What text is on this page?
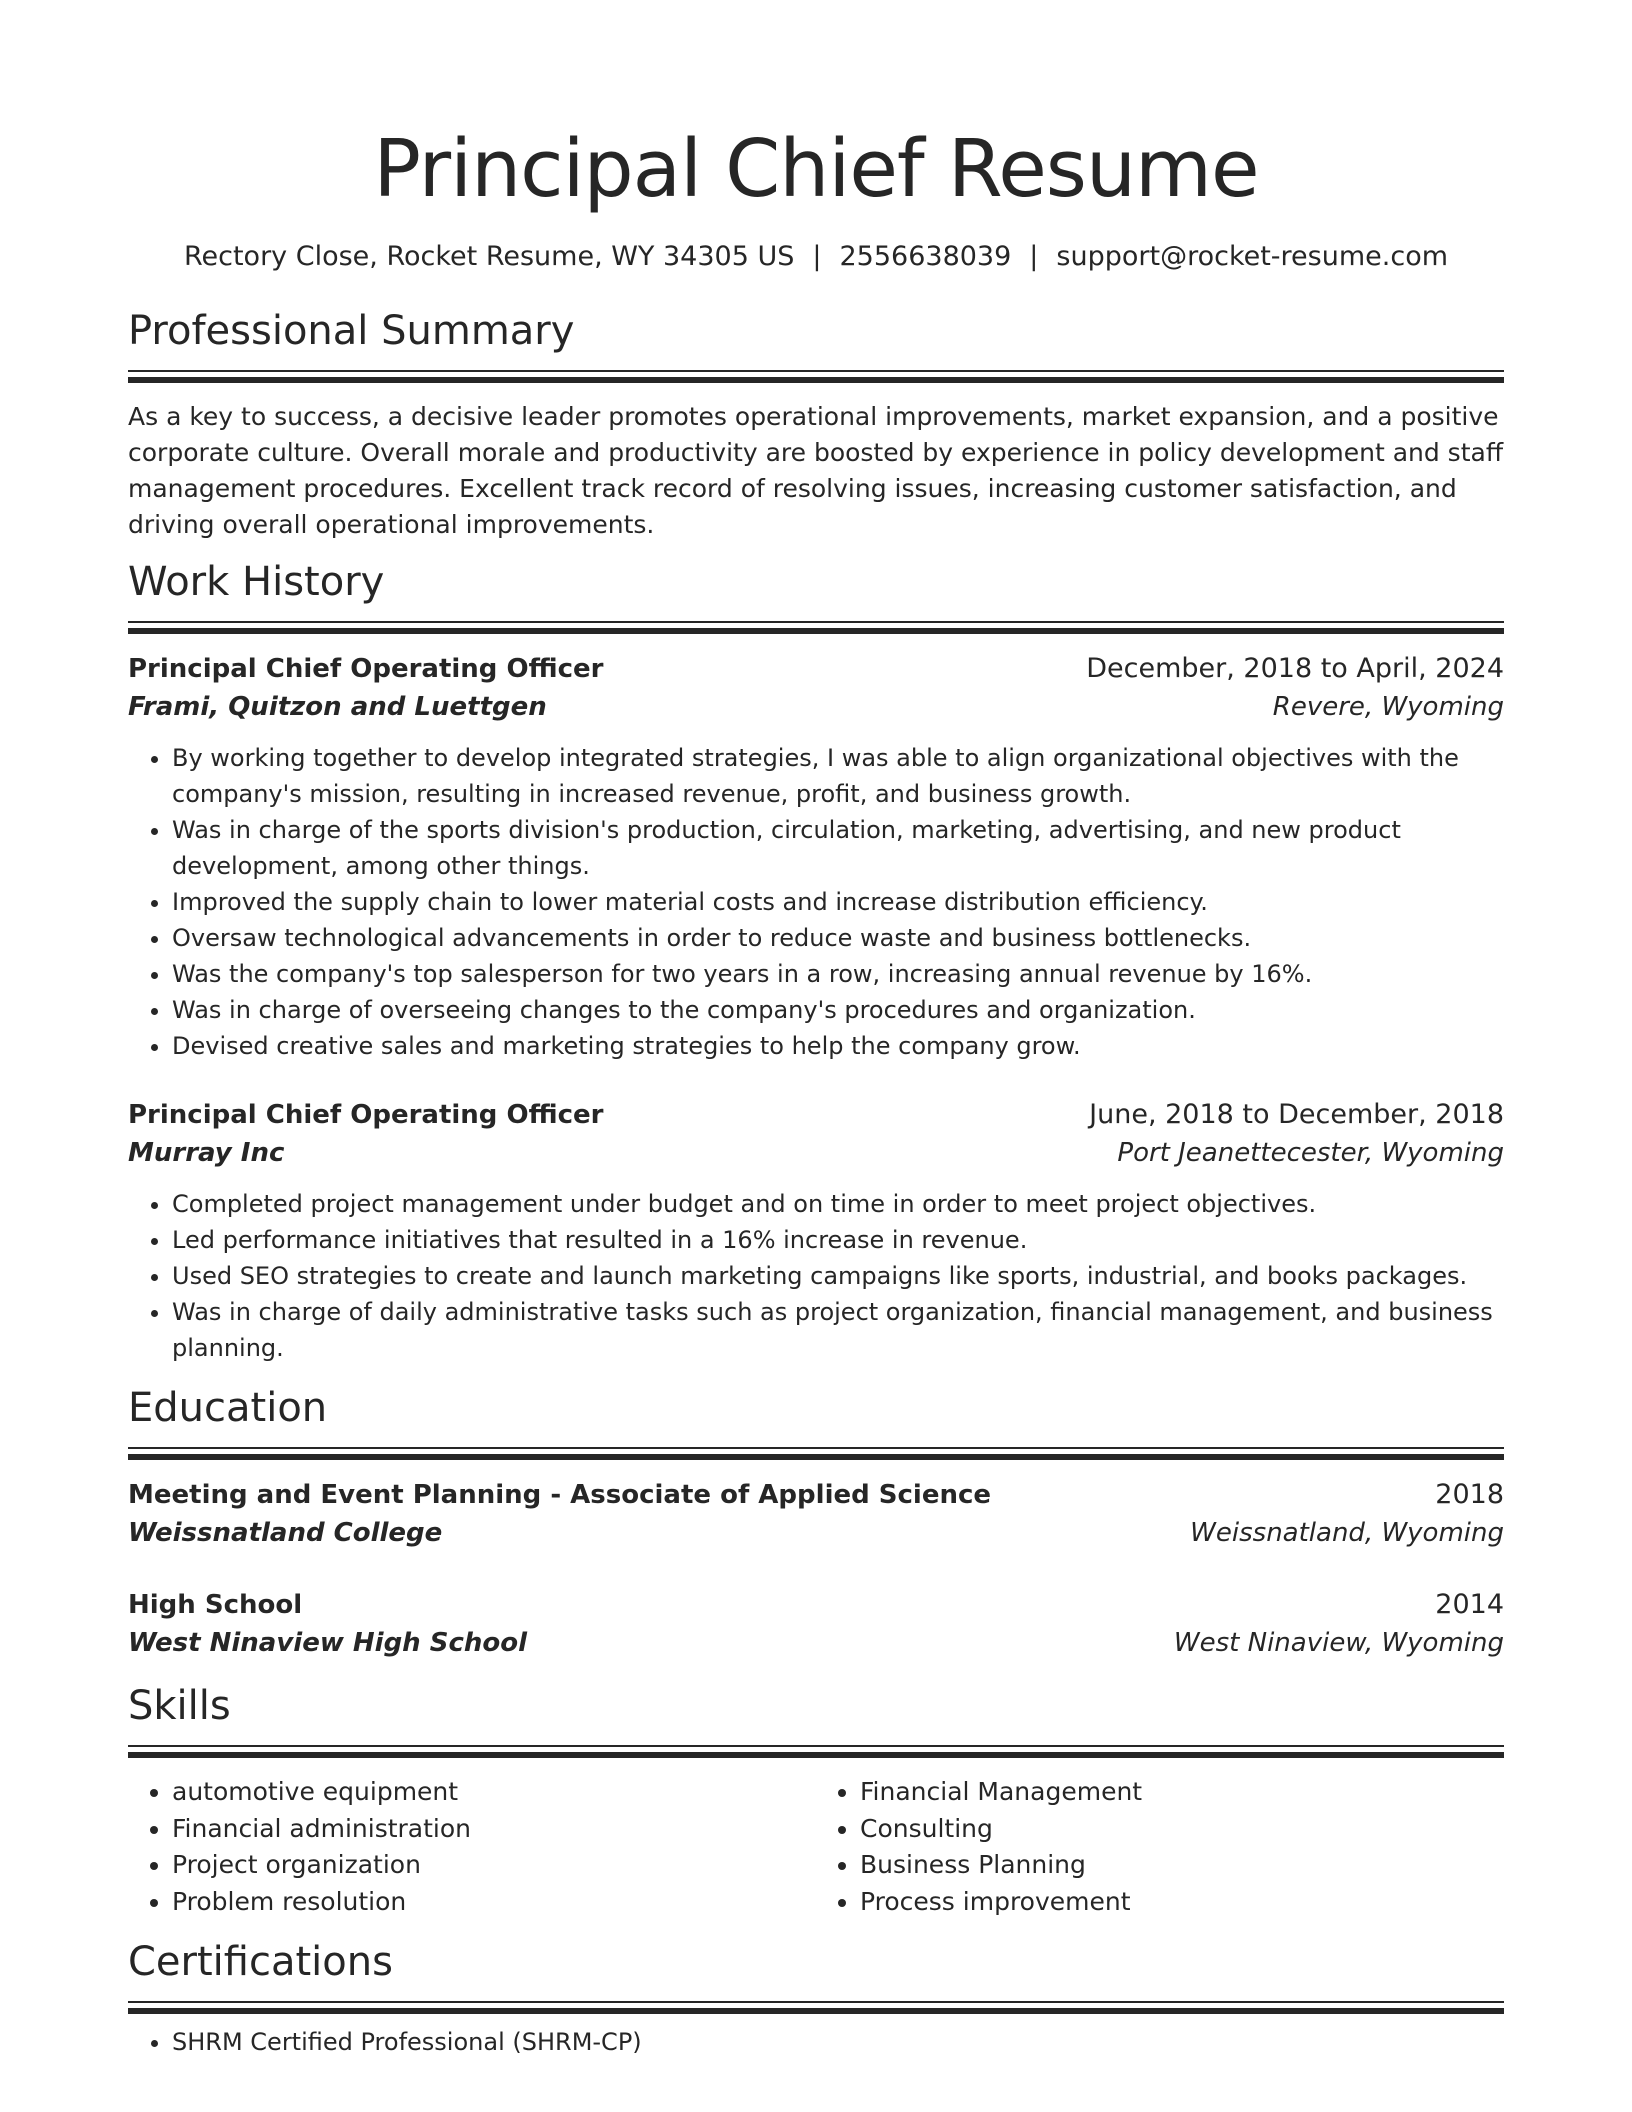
Principal Chief Resume
Rectory Close, Rocket Resume, WY 34305 US | 2556638039 | support@rocket-resume.com
Professional Summary

As a key to success, a decisive leader promotes operational improvements, market expansion, and a positive corporate culture. Overall morale and productivity are boosted by experience in policy development and staff management procedures. Excellent track record of resolving issues, increasing customer satisfaction, and driving overall operational improvements.

Work History
Principal Chief Operating Officer	December, 2018 to April, 2024
Frami, Quitzon and Luettgen	Revere, Wyoming
• By working together to develop integrated strategies, I was able to align organizational objectives with the company's mission, resulting in increased revenue, profit, and business growth.
• Was in charge of the sports division's production, circulation, marketing, advertising, and new product development, among other things.
• Improved the supply chain to lower material costs and increase distribution efficiency.
• Oversaw technological advancements in order to reduce waste and business bottlenecks.
• Was the company's top salesperson for two years in a row, increasing annual revenue by 16%.
• Was in charge of overseeing changes to the company's procedures and organization.
• Devised creative sales and marketing strategies to help the company grow.
Principal Chief Operating Officer	June, 2018 to December, 2018
Murray Inc	Port Jeanettecester, Wyoming
• Completed project management under budget and on time in order to meet project objectives.
• Led performance initiatives that resulted in a 16% increase in revenue.
• Used SEO strategies to create and launch marketing campaigns like sports, industrial, and books packages.
• Was in charge of daily administrative tasks such as project organization, financial management, and business planning.
Education
Meeting and Event Planning - Associate of Applied Science	2018
Weissnatland College	Weissnatland, Wyoming
High School	2014
West Ninaview High School	West Ninaview, Wyoming
Skills
• automotive equipment
• Financial administration
• Project organization
• Problem resolution
• Financial Management
• Consulting
• Business Planning
• Process improvement
Certifications
• SHRM Certified Professional (SHRM-CP)
